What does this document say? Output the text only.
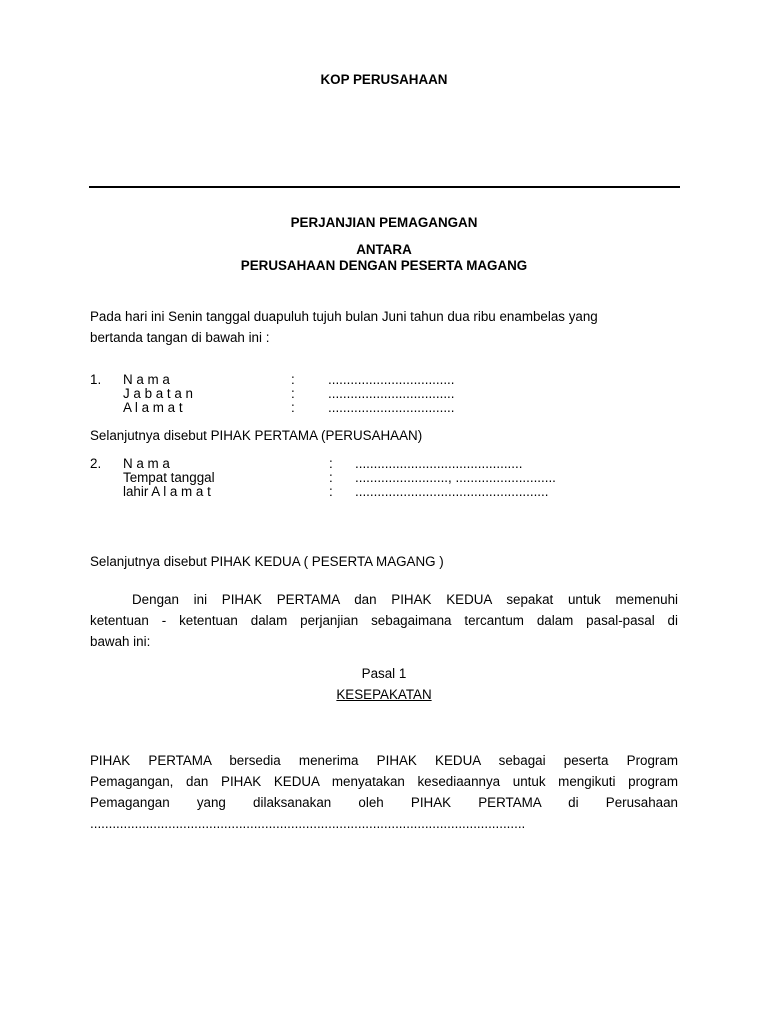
KOP PERUSAHAAN
PERJANJIAN PEMAGANGAN
ANTARA
PERUSAHAAN DENGAN PESERTA MAGANG
Pada hari ini Senin tanggal duapuluh tujuh bulan Juni tahun dua ribu enambelas yang
bertanda tangan di bawah ini :
1. N a m a	: ..................................
J a b a t a n	: ..................................
A l a m a t	: ..................................
Selanjutnya disebut PIHAK PERTAMA (PERUSAHAAN)
2. N a m a	: .............................................
Tempat tanggal	: ........................., ...........................
lahir A l a m a t	: ....................................................
Selanjutnya disebut PIHAK KEDUA ( PESERTA MAGANG )
Dengan ini PIHAK PERTAMA dan PIHAK KEDUA sepakat untuk memenuhi
ketentuan - ketentuan dalam perjanjian sebagaimana tercantum dalam pasal-pasal di
bawah ini:
Pasal 1
KESEPAKATAN
PIHAK PERTAMA bersedia menerima PIHAK KEDUA sebagai peserta Program
Pemagangan, dan PIHAK KEDUA menyatakan kesediaannya untuk mengikuti program
Pemagangan yang dilaksanakan oleh PIHAK PERTAMA di Perusahaan
.....................................................................................................................
